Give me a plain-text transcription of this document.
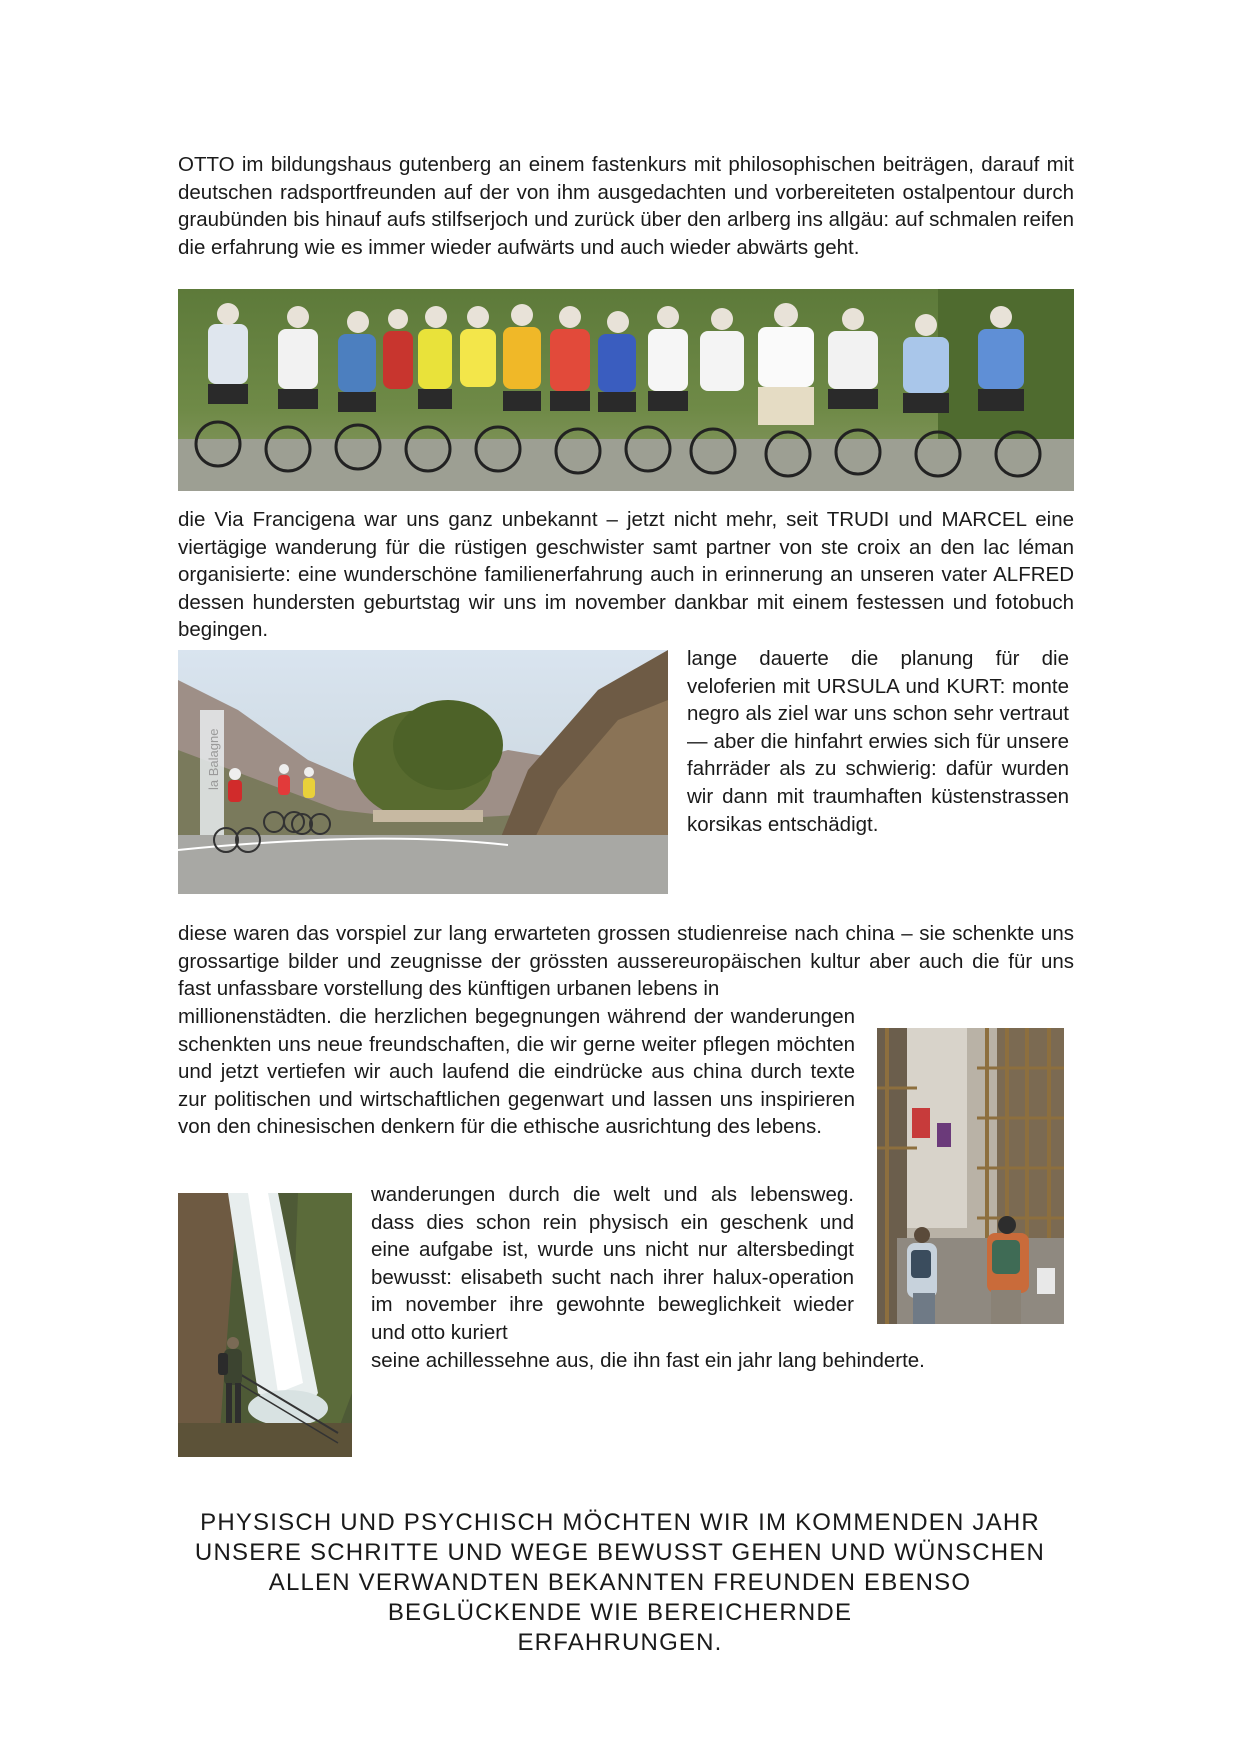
OTTO im bildungshaus gutenberg an einem fastenkurs mit philosophischen beiträgen, darauf mit deutschen radsportfreunden auf der von ihm ausgedachten und vorbereiteten ostalpentour durch graubünden bis hinauf aufs stilfserjoch und zurück über den arlberg ins allgäu: auf schmalen reifen die erfahrung wie es immer wieder aufwärts und auch wieder abwärts geht.

die Via Francigena war uns ganz unbekannt – jetzt nicht mehr, seit TRUDI und MARCEL eine viertägige wanderung für die rüstigen geschwister samt partner von ste croix an den lac léman organisierte: eine wunderschöne familienerfahrung auch in erinnerung an unseren vater ALFRED dessen hundersten geburtstag wir uns im november dankbar mit einem festessen und fotobuch begingen.

la Balagne

lange dauerte die planung für die veloferien mit URSULA und KURT: monte negro als ziel war uns schon sehr vertraut — aber die hinfahrt erwies sich für unsere fahrräder als zu schwierig: dafür wurden wir dann mit traumhaften küstenstrassen korsikas entschädigt.

diese waren das vorspiel zur lang erwarteten grossen studienreise nach china – sie schenkte uns grossartige bilder und zeugnisse der grössten aussereuropäischen kultur aber auch die für uns fast unfassbare vorstellung des künftigen urbanen lebens in

millionenstädten. die herzlichen begegnungen während der wanderungen schenkten uns neue freundschaften, die wir gerne weiter pflegen möchten und jetzt vertiefen wir auch laufend die eindrücke aus china durch texte zur politischen und wirtschaftlichen gegenwart und lassen uns inspirieren von den chinesischen denkern für die ethische ausrichtung des lebens.

wanderungen durch die welt und als lebensweg. dass dies schon rein physisch ein geschenk und eine aufgabe ist, wurde uns nicht nur altersbedingt bewusst: elisabeth sucht nach ihrer halux-operation im november ihre gewohnte beweglichkeit wieder und otto kuriert

seine achillessehne aus, die ihn fast ein jahr lang behinderte.

PHYSISCH UND PSYCHISCH MÖCHTEN WIR IM KOMMENDEN JAHR
UNSERE SCHRITTE UND WEGE BEWUSST GEHEN UND WÜNSCHEN
ALLEN VERWANDTEN BEKANNTEN FREUNDEN EBENSO
BEGLÜCKENDE WIE BEREICHERNDE
ERFAHRUNGEN.
